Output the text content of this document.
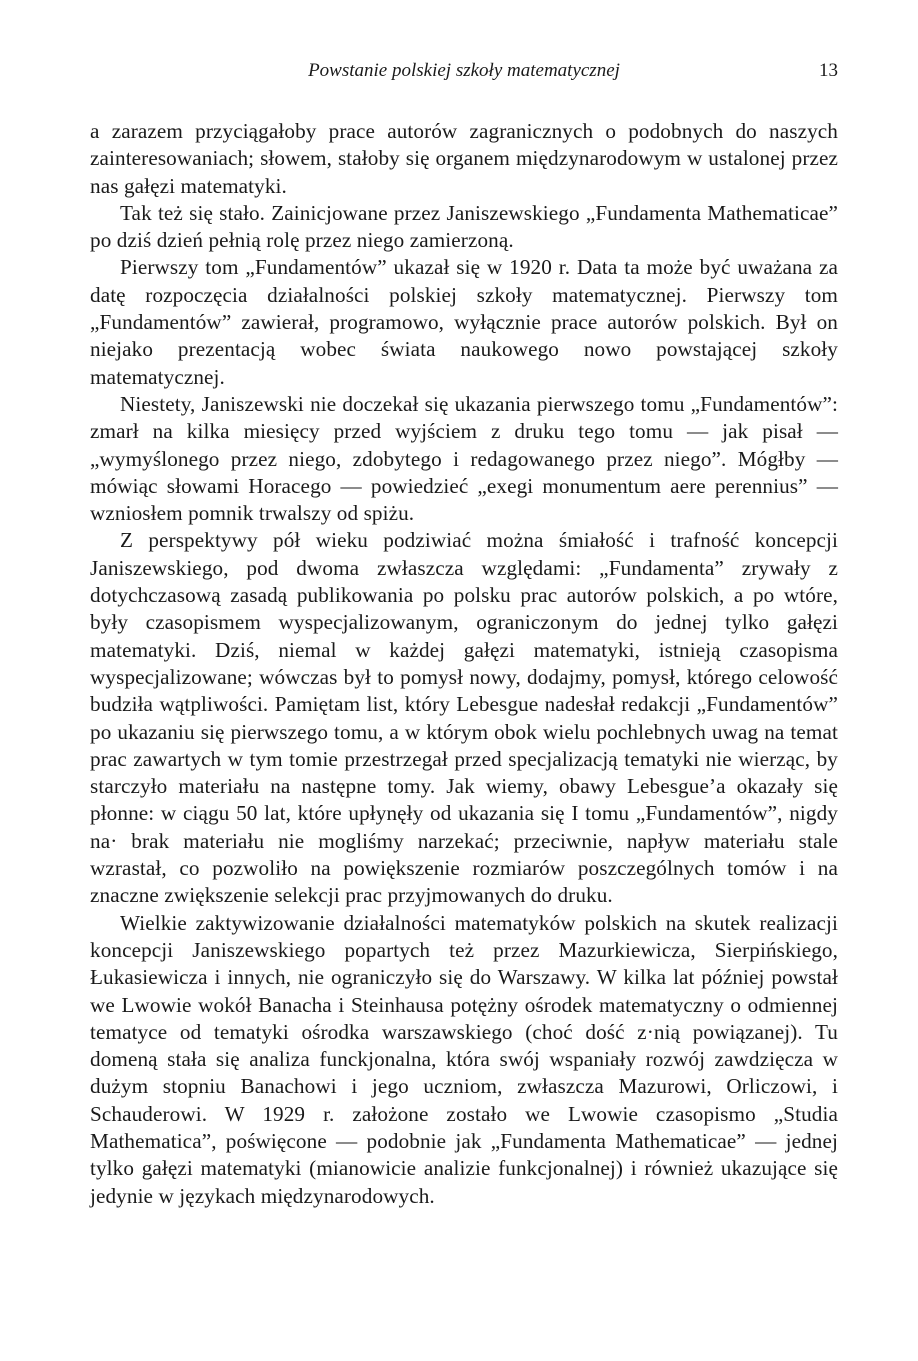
Powstanie polskiej szkoły matematycznej	13

a zarazem przyciągałoby prace autorów zagranicznych o podobnych do naszych zainteresowaniach; słowem, stałoby się organem międzynarodowym w ustalonej przez nas gałęzi matematyki.

Tak też się stało. Zainicjowane przez Janiszewskiego „Fundamenta Mathematicae” po dziś dzień pełnią rolę przez niego zamierzoną.

Pierwszy tom „Fundamentów” ukazał się w 1920 r. Data ta może być uważana za datę rozpoczęcia działalności polskiej szkoły matematycznej. Pierwszy tom „Fundamentów” zawierał, programowo, wyłącznie prace autorów polskich. Był on niejako prezentacją wobec świata naukowego nowo powstającej szkoły matematycznej.

Niestety, Janiszewski nie doczekał się ukazania pierwszego tomu „Fundamentów”: zmarł na kilka miesięcy przed wyjściem z druku tego tomu — jak pisał — „wymyślonego przez niego, zdobytego i redagowanego przez niego”. Mógłby — mówiąc słowami Horacego — powiedzieć „exegi monumentum aere perennius” — wzniosłem pomnik trwalszy od spiżu.

Z perspektywy pół wieku podziwiać można śmiałość i trafność koncepcji Janiszewskiego, pod dwoma zwłaszcza względami: „Fundamenta” zrywały z dotychczasową zasadą publikowania po polsku prac autorów polskich, a po wtóre, były czasopismem wyspecjalizowanym, ograniczonym do jednej tylko gałęzi matematyki. Dziś, niemal w każdej gałęzi matematyki, istnieją czasopisma wyspecjalizowane; wówczas był to pomysł nowy, dodajmy, pomysł, którego celowość budziła wątpliwości. Pamiętam list, który Lebesgue nadesłał redakcji „Fundamentów” po ukazaniu się pierwszego tomu, a w którym obok wielu pochlebnych uwag na temat prac zawartych w tym tomie przestrzegał przed specjalizacją tematyki nie wierząc, by starczyło materiału na następne tomy. Jak wiemy, obawy Lebesgue’a okazały się płonne: w ciągu 50 lat, które upłynęły od ukazania się I tomu „Fundamentów”, nigdy na· brak materiału nie mogliśmy narzekać; przeciwnie, napływ materiału stale wzrastał, co pozwoliło na powiększenie rozmiarów poszczególnych tomów i na znaczne zwiększenie selekcji prac przyjmowanych do druku.

Wielkie zaktywizowanie działalności matematyków polskich na skutek realizacji koncepcji Janiszewskiego popartych też przez Mazurkiewicza, Sierpińskiego, Łukasiewicza i innych, nie ograniczyło się do Warszawy. W kilka lat później powstał we Lwowie wokół Banacha i Steinhausa potężny ośrodek matematyczny o odmiennej tematyce od tematyki ośrodka warszawskiego (choć dość z·nią powiązanej). Tu domeną stała się analiza funckjonalna, która swój wspaniały rozwój zawdzięcza w dużym stopniu Banachowi i jego uczniom, zwłaszcza Mazurowi, Orliczowi, i Schauderowi. W 1929 r. założone zostało we Lwowie czasopismo „Studia Mathematica”, poświęcone — podobnie jak „Fundamenta Mathematicae” — jednej tylko gałęzi matematyki (mianowicie analizie funkcjonalnej) i również ukazujące się jedynie w językach międzynarodowych.
